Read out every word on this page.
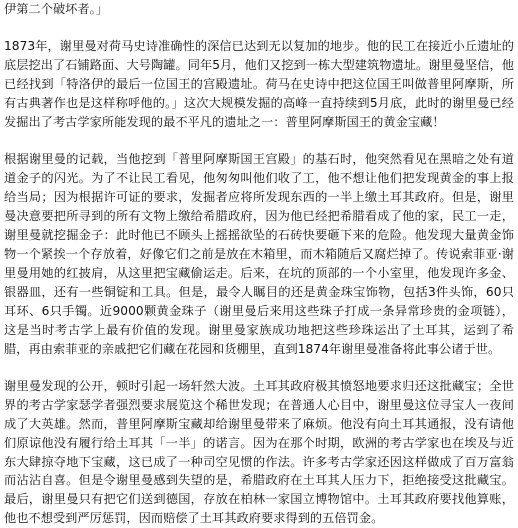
伊第二个破坏者。」

1873年，谢里曼对荷马史诗准确性的深信已达到无以复加的地步。他的民工在接近小丘遗址的底层挖出了石铺路面、大号陶罐。同年5月，他们又挖到一栋大型建筑物遗址。谢里曼坚信，他已经找到「特洛伊的最后一位国王的宫殿遗址。荷马在史诗中把这位国王叫做普里阿摩斯，所有古典著作也是这样称呼他的。」这次大规模发掘的高峰一直持续到5月底，此时的谢里曼已经发掘出了考古学家所能发现的最不平凡的遗址之一：普里阿摩斯国王的黄金宝藏！

根据谢里曼的记载，当他挖到「普里阿摩斯国王宫殿」的基石时，他突然看见在黑暗之处有道道金子的闪光。为了不让民工看见，他匆匆叫他们收了工，他不想让他们把发现黄金的事上报给当局；因为根据许可证的要求，发掘者应将所发现东西的一半上缴土耳其政府。但是，谢里曼决意要把所寻到的所有文物上缴给希腊政府，因为他已经把希腊看成了他的家，民工一走，谢里曼就挖掘金子：此时他已不顾头上摇摇欲坠的石砖快要砸下来的危险。他发现大量黄金饰物一个紧挨一个存放着，好像它们之前是放在木箱里，而木箱随后又腐烂掉了。传说索菲亚·谢里曼用她的红披肩，从这里把宝藏偷运走。后来，在坑的顶部的一个小室里，他发现许多金、银器皿，还有一些铜锭和工具。但是，最令人瞩目的还是黄金珠宝饰物，包括3件头饰，60只耳环、6只手镯。近9000颗黄金珠子（谢里曼后来用这些珠子打成一条异常珍贵的金项链），这是当时考古学上最有价值的发现。谢里曼家族成功地把这些珍珠运出了土耳其，运到了希腊，再由索菲亚的亲戚把它们藏在花园和货棚里，直到1874年谢里曼准备将此事公诸于世。

谢里曼发现的公开，顿时引起一场轩然大波。土耳其政府极其愤怒地要求归还这批藏宝；全世界的考古学家瑟学者强烈要求展览这个稀世发现；在普通人心目中，谢里曼这位寻宝人一夜间成了大英雄。然而，普里阿摩斯宝藏却给谢里曼带来了麻烦。他没有向土耳其通报，没有请他们原谅他没有履行给土耳其「一半」的诺言。因为在那个时期，欧洲的考古学家也在埃及与近东大肆掠夺地下宝藏，这已成了一种司空见惯的作法。许多考古学家还因这样做成了百万富翁而沾沾自喜。但是令谢里曼感到失望的是，希腊政府在土耳其人压力下，拒绝接受这批藏宝。最后，谢里曼只有把它们送到德国，存放在柏林一家国立博物馆中。土耳其政府要找他算账，他也不想受到严厉惩罚，因而赔偿了土耳其政府要求得到的五倍罚金。
